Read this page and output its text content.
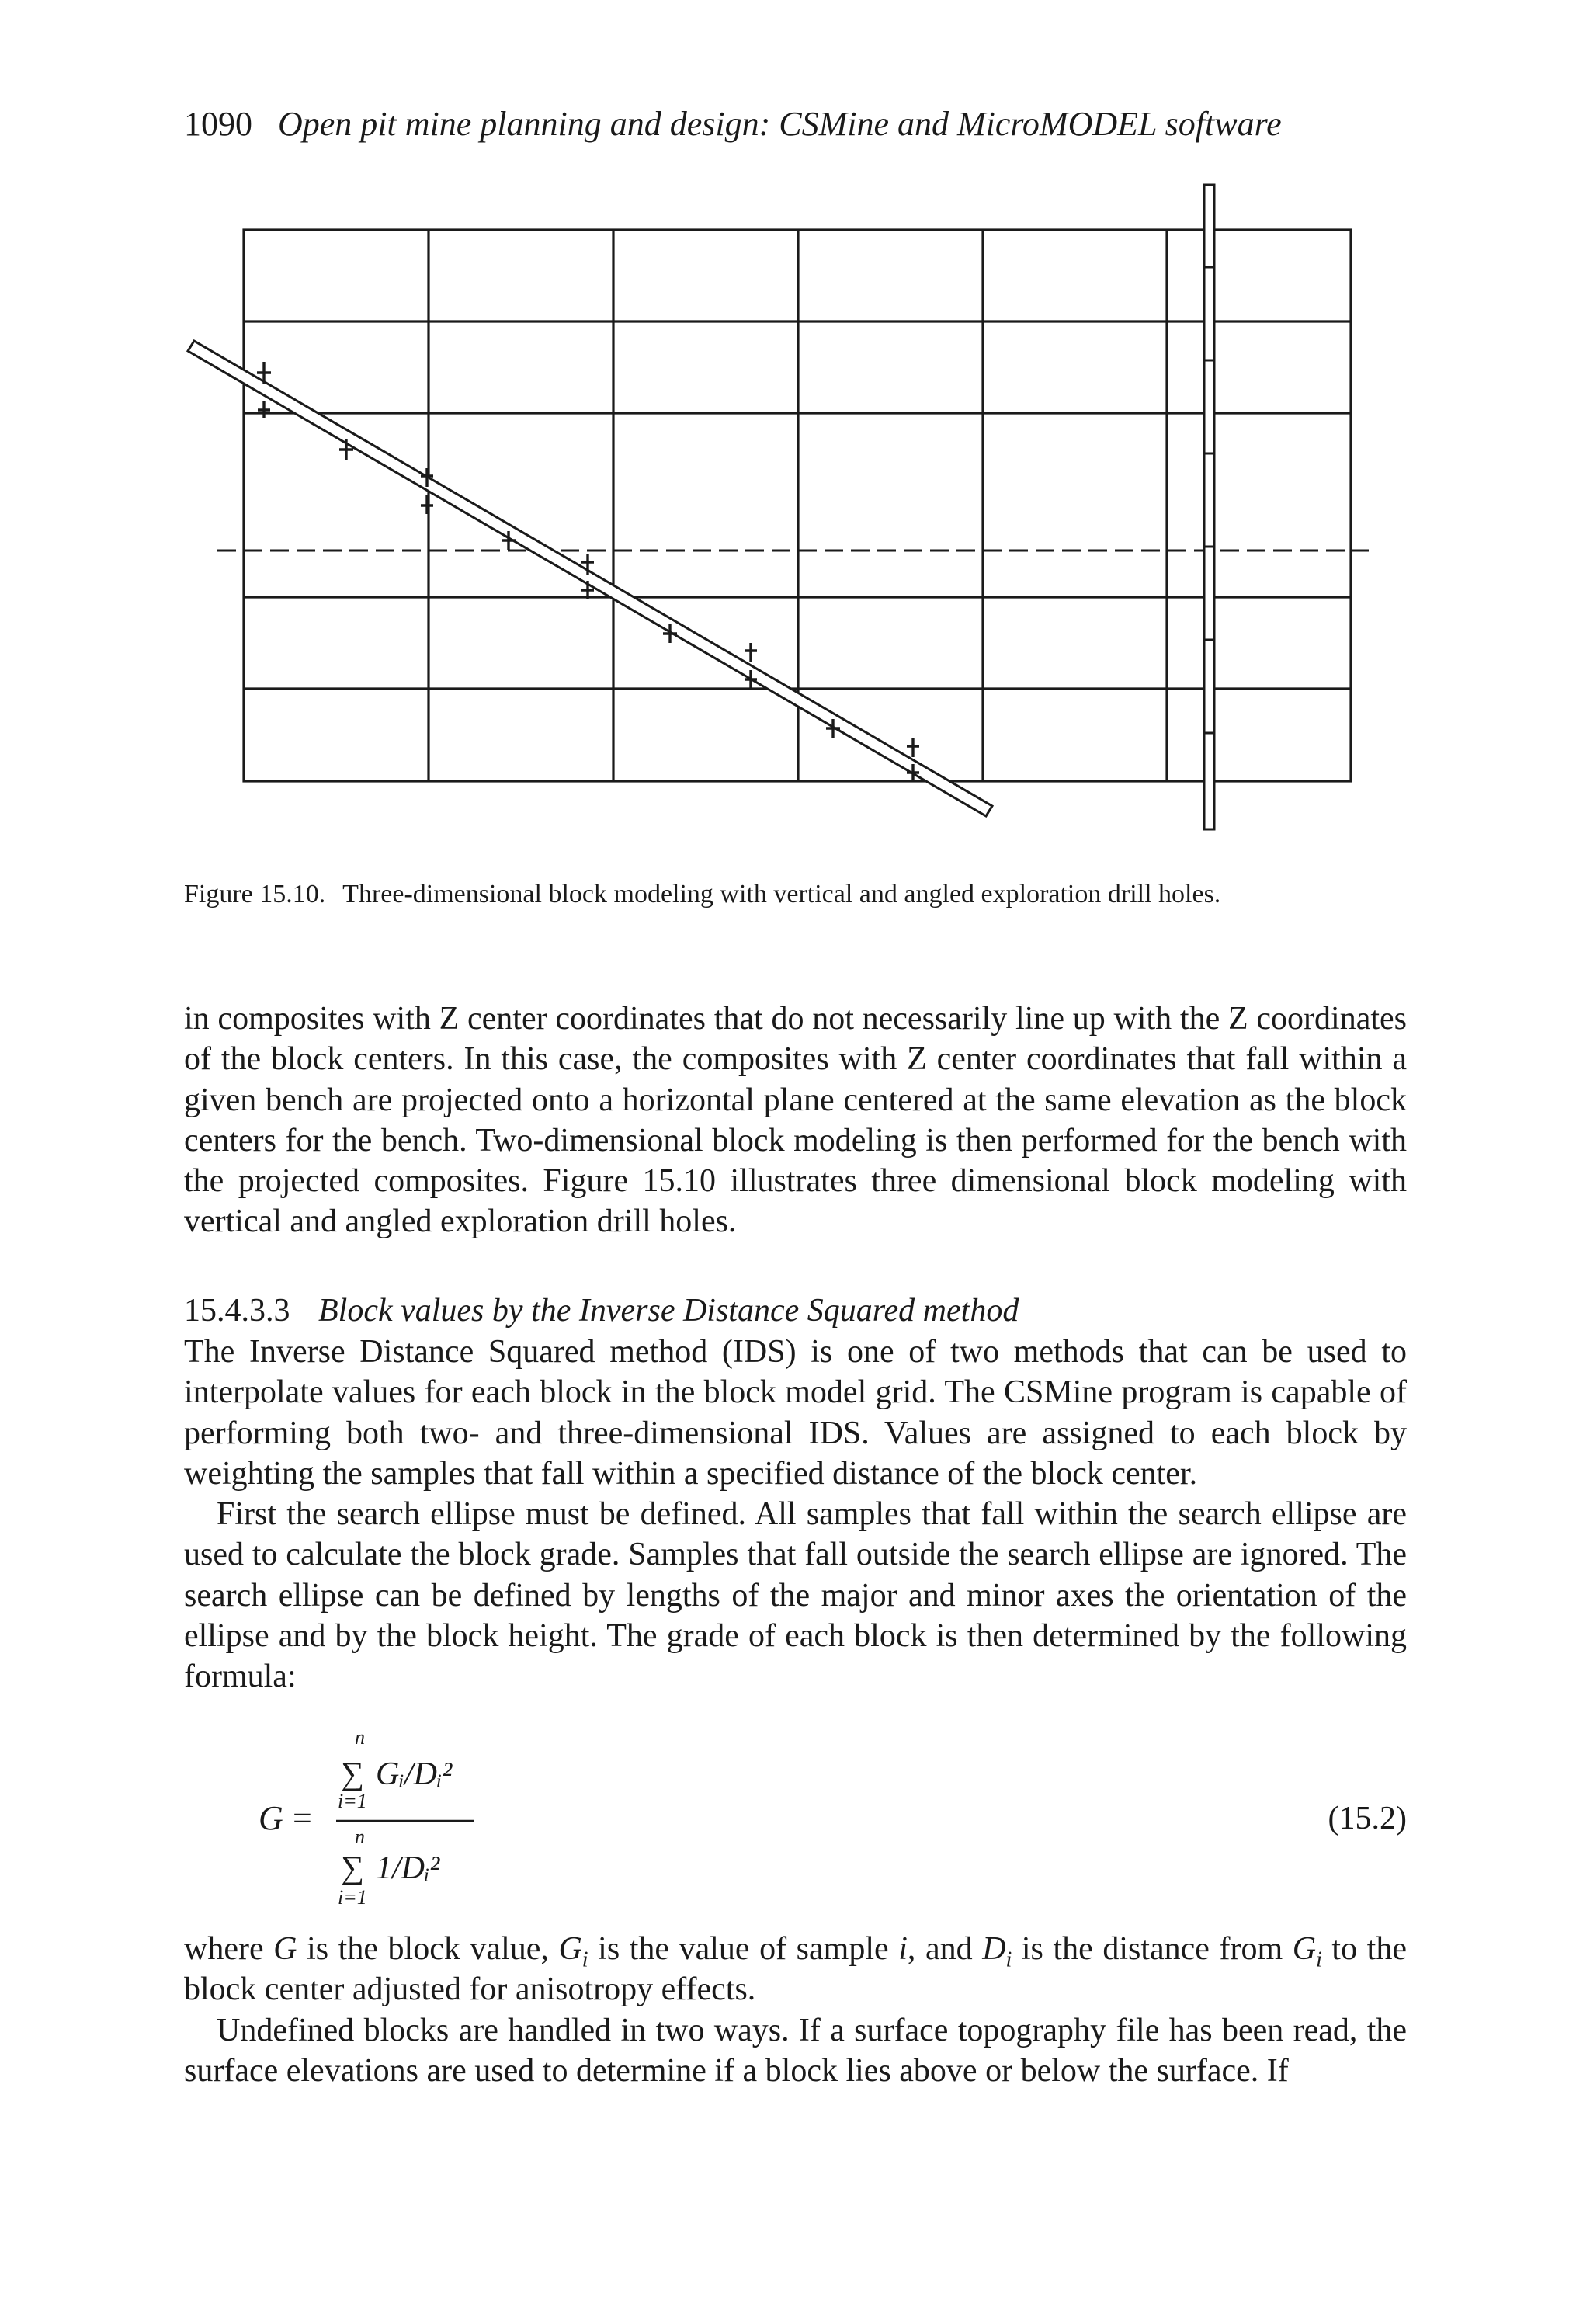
1090 Open pit mine planning and design: CSMine and MicroMODEL software
Figure 15.10. Three-dimensional block modeling with vertical and angled exploration drill holes.

in composites with Z center coordinates that do not necessarily line up with the Z coordinates of the block centers. In this case, the composites with Z center coordinates that fall within a given bench are projected onto a horizontal plane centered at the same elevation as the block centers for the bench. Two-dimensional block modeling is then performed for the bench with the projected composites. Figure 15.10 illustrates three dimensional block modeling with vertical and angled exploration drill holes.

15.4.3.3 Block values by the Inverse Distance Squared method

The Inverse Distance Squared method (IDS) is one of two methods that can be used to interpolate values for each block in the block model grid. The CSMine program is capable of performing both two- and three-dimensional IDS. Values are assigned to each block by weighting the samples that fall within a specified distance of the block center.

First the search ellipse must be defined. All samples that fall within the search ellipse are used to calculate the block grade. Samples that fall outside the search ellipse are ignored. The search ellipse can be defined by lengths of the major and minor axes the orientation of the ellipse and by the block height. The grade of each block is then determined by the following formula:

G =
n
∑ Gᵢ/Dᵢ²
i=1
n
∑ 1/Dᵢ²
i=1
(15.2)

where G is the block value, $G_i$ is the value of sample i, and $D_i$ is the distance from $G_i$ to the block center adjusted for anisotropy effects.

Undefined blocks are handled in two ways. If a surface topography file has been read, the surface elevations are used to determine if a block lies above or below the surface. If
